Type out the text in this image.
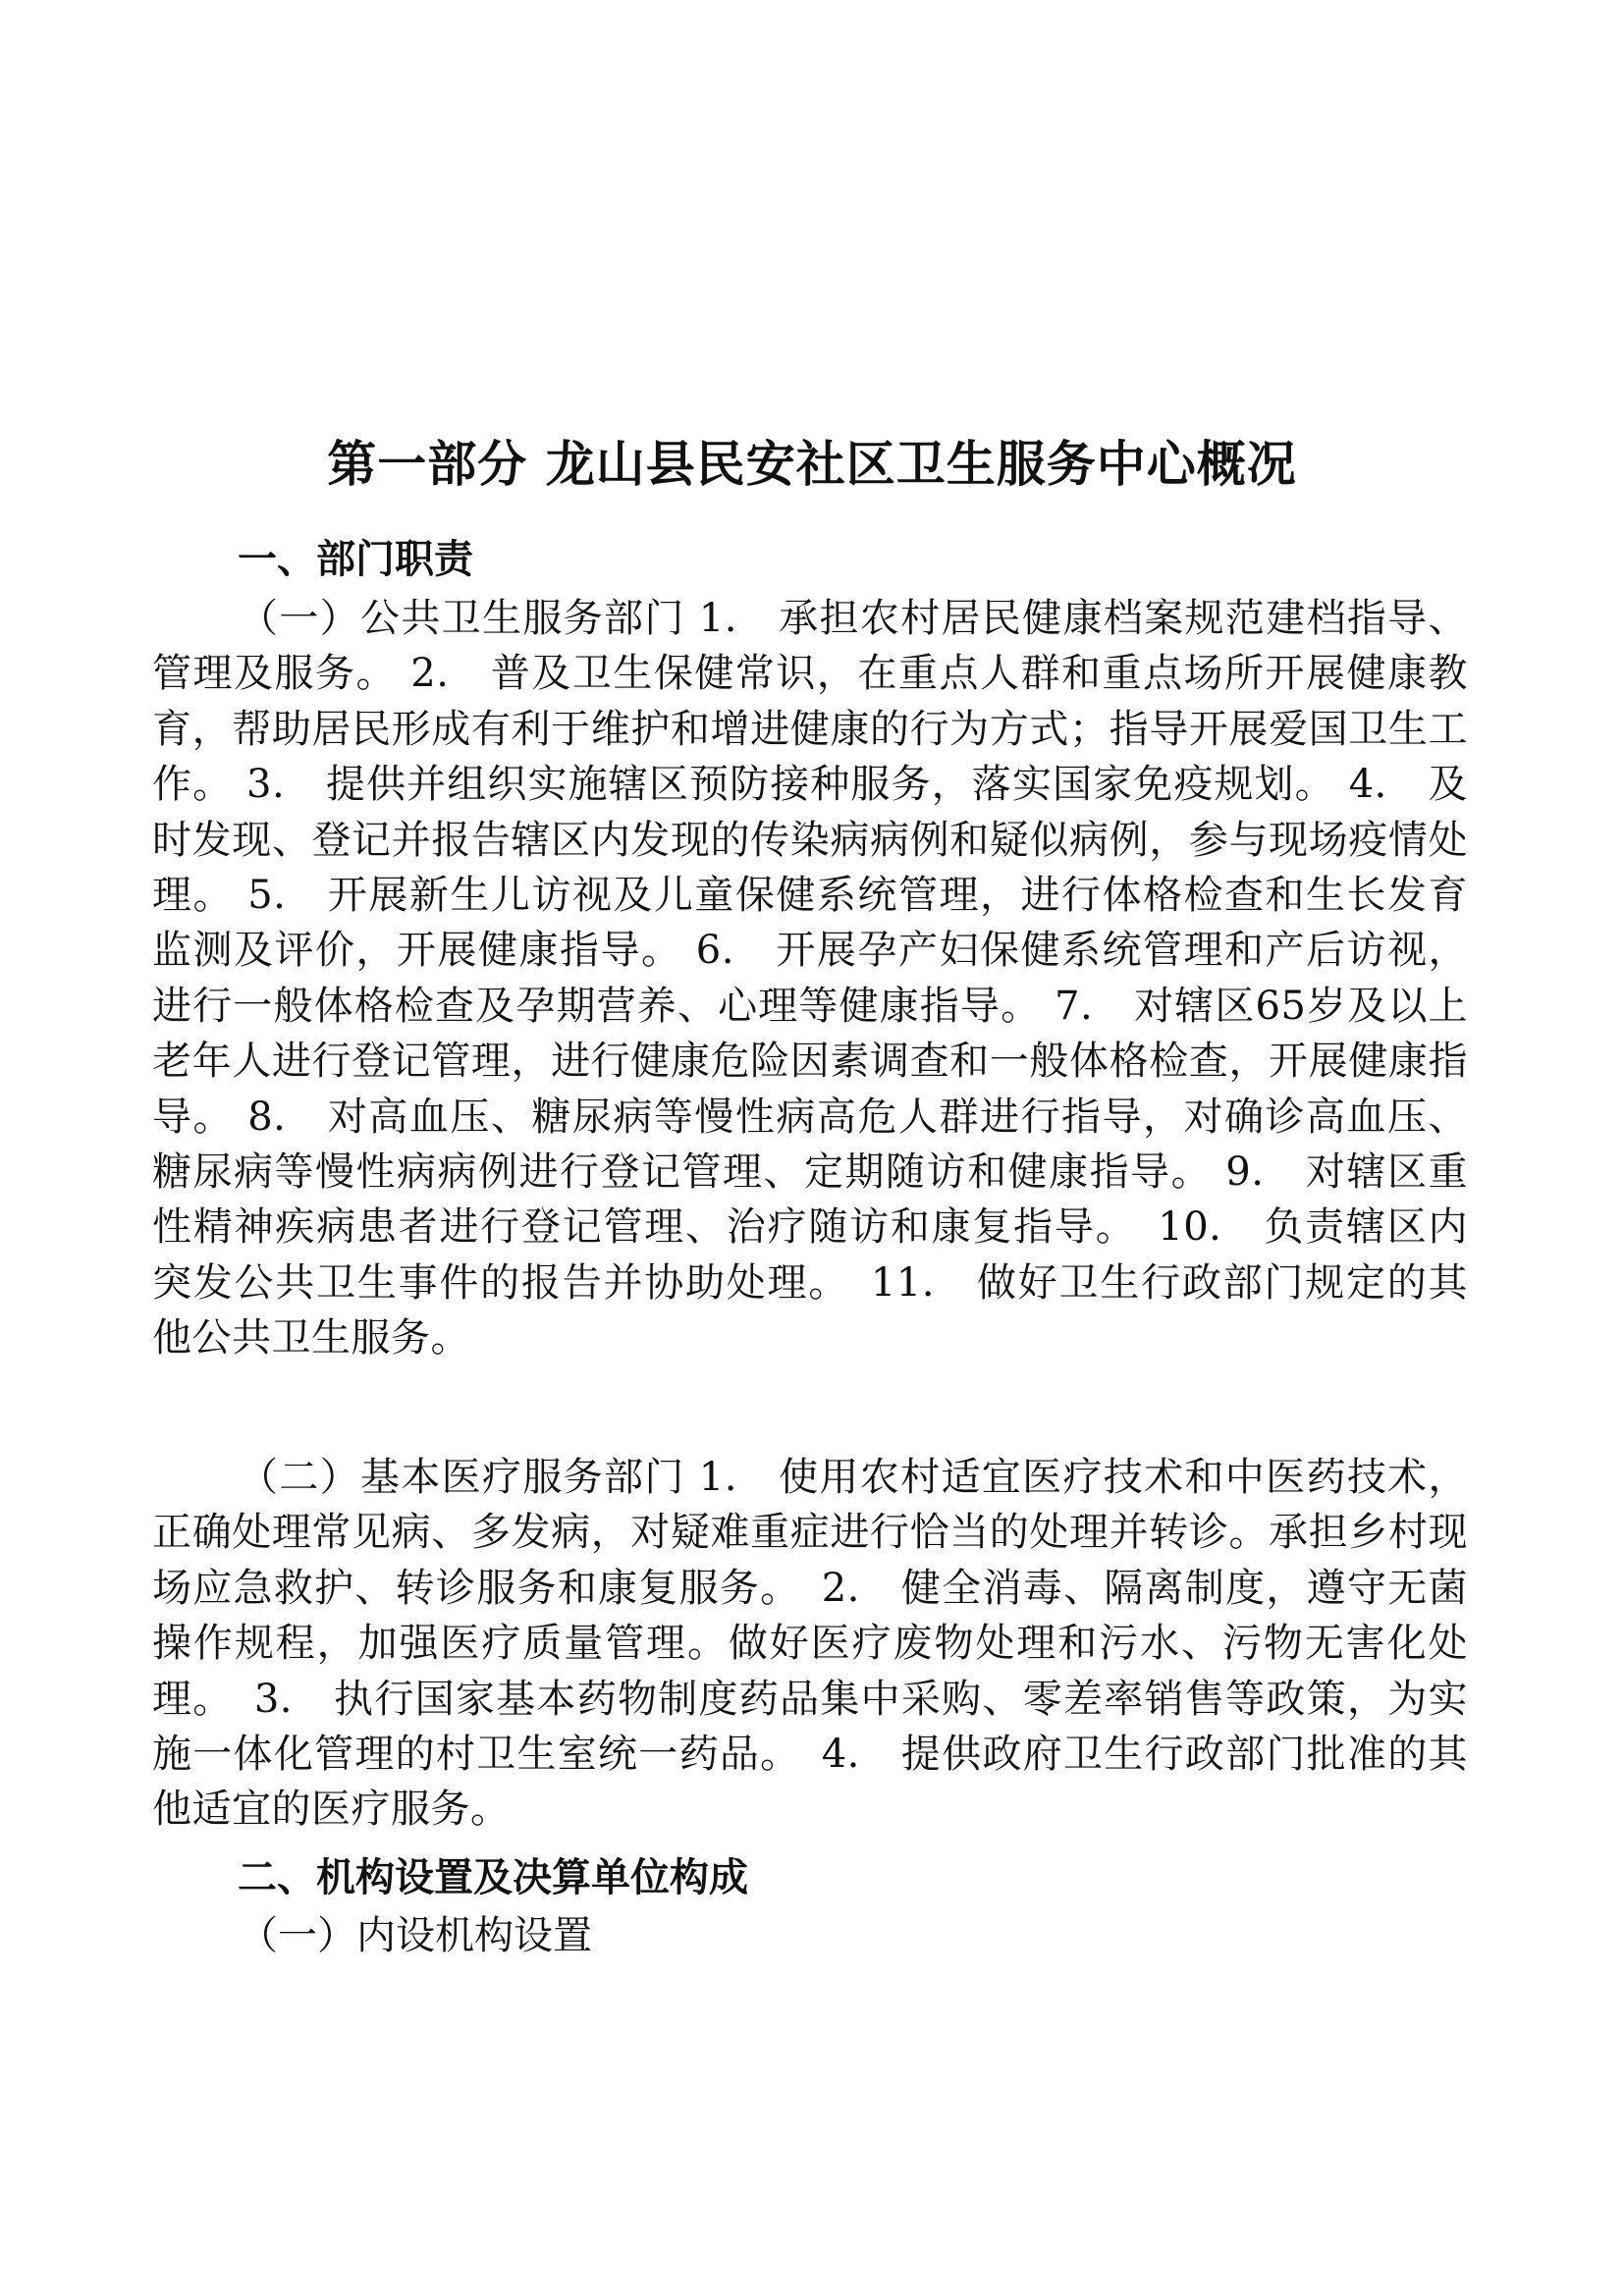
第一部分 龙山县民安社区卫生服务中心概况
一、部门职责

（一）公共卫生服务部门 1.　承担农村居民健康档案规范建档指导、管理及服务。 2.　普及卫生保健常识，在重点人群和重点场所开展健康教育，帮助居民形成有利于维护和增进健康的行为方式；指导开展爱国卫生工作。 3.　提供并组织实施辖区预防接种服务，落实国家免疫规划。 4.　及时发现、登记并报告辖区内发现的传染病病例和疑似病例，参与现场疫情处理。 5.　开展新生儿访视及儿童保健系统管理，进行体格检查和生长发育监测及评价，开展健康指导。 6.　开展孕产妇保健系统管理和产后访视，进行一般体格检查及孕期营养、心理等健康指导。 7.　对辖区65岁及以上老年人进行登记管理，进行健康危险因素调查和一般体格检查，开展健康指导。 8.　对高血压、糖尿病等慢性病高危人群进行指导，对确诊高血压、糖尿病等慢性病病例进行登记管理、定期随访和健康指导。 9.　对辖区重性精神疾病患者进行登记管理、治疗随访和康复指导。　10.　负责辖区内突发公共卫生事件的报告并协助处理。　11.　做好卫生行政部门规定的其他公共卫生服务。

（二）基本医疗服务部门 1.　使用农村适宜医疗技术和中医药技术，正确处理常见病、多发病，对疑难重症进行恰当的处理并转诊。承担乡村现场应急救护、转诊服务和康复服务。　2.　健全消毒、隔离制度，遵守无菌操作规程，加强医疗质量管理。做好医疗废物处理和污水、污物无害化处理。　3.　执行国家基本药物制度药品集中采购、零差率销售等政策，为实施一体化管理的村卫生室统一药品。　4.　提供政府卫生行政部门批准的其他适宜的医疗服务。

二、机构设置及决算单位构成

（一）内设机构设置
